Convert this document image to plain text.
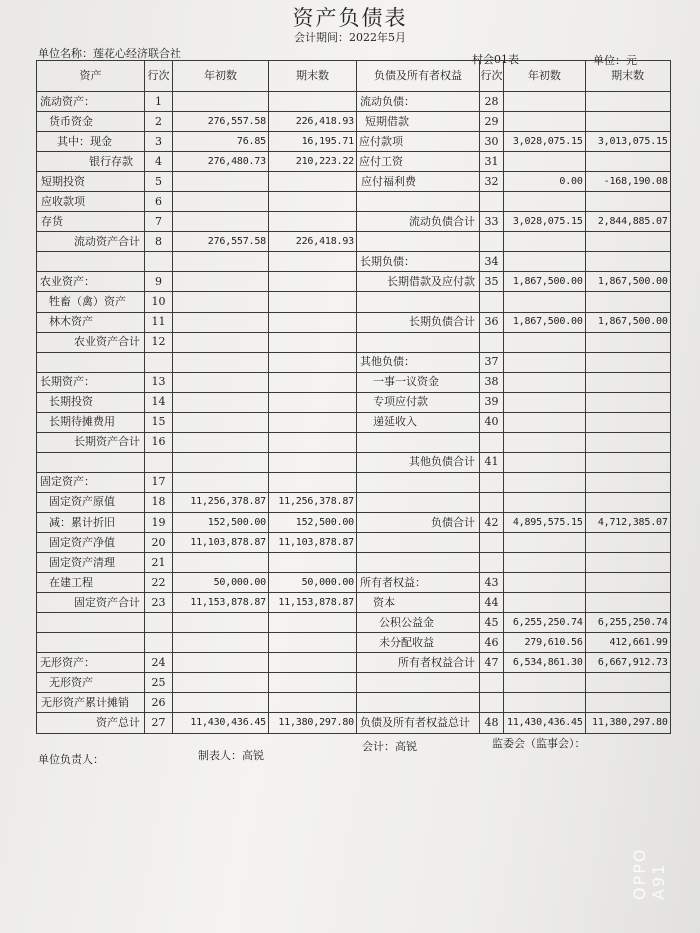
资产负债表
会计期间：2022年5月
单位名称：莲花心经济联合社	村会01表	单位：元
资产	行次	年初数	期末数	负债及所有者权益	行次	年初数	期末数
流动资产：	1			流动负债：	28		
货币资金	2	276,557.58	226,418.93	短期借款	29		
其中：现金	3	76.85	16,195.71	应付款项	30	3,028,075.15	3,013,075.15
银行存款	4	276,480.73	210,223.22	应付工资	31		
短期投资	5			应付福利费	32	0.00	-168,190.08
应收款项	6						
存货	7			流动负债合计	33	3,028,075.15	2,844,885.07
流动资产合计	8	276,557.58	226,418.93				
				长期负债：	34		
农业资产：	9			长期借款及应付款	35	1,867,500.00	1,867,500.00
牲畜（禽）资产	10						
林木资产	11			长期负债合计	36	1,867,500.00	1,867,500.00
农业资产合计	12						
				其他负债：	37		
长期资产：	13			一事一议资金	38		
长期投资	14			专项应付款	39		
长期待摊费用	15			递延收入	40		
长期资产合计	16						
				其他负债合计	41		
固定资产：	17						
固定资产原值	18	11,256,378.87	11,256,378.87				
减：累计折旧	19	152,500.00	152,500.00	负债合计	42	4,895,575.15	4,712,385.07
固定资产净值	20	11,103,878.87	11,103,878.87				
固定资产清理	21						
在建工程	22	50,000.00	50,000.00	所有者权益：	43		
固定资产合计	23	11,153,878.87	11,153,878.87	资本	44		
				公积公益金	45	6,255,250.74	6,255,250.74
				未分配收益	46	279,610.56	412,661.99
无形资产：	24			所有者权益合计	47	6,534,861.30	6,667,912.73
无形资产	25						
无形资产累计摊销	26						
资产总计	27	11,430,436.45	11,380,297.80	负债及所有者权益总计	48	11,430,436.45	11,380,297.80
单位负责人：	制表人：高锐
会计：高锐	监委会（监事会）：
OPPO A91
